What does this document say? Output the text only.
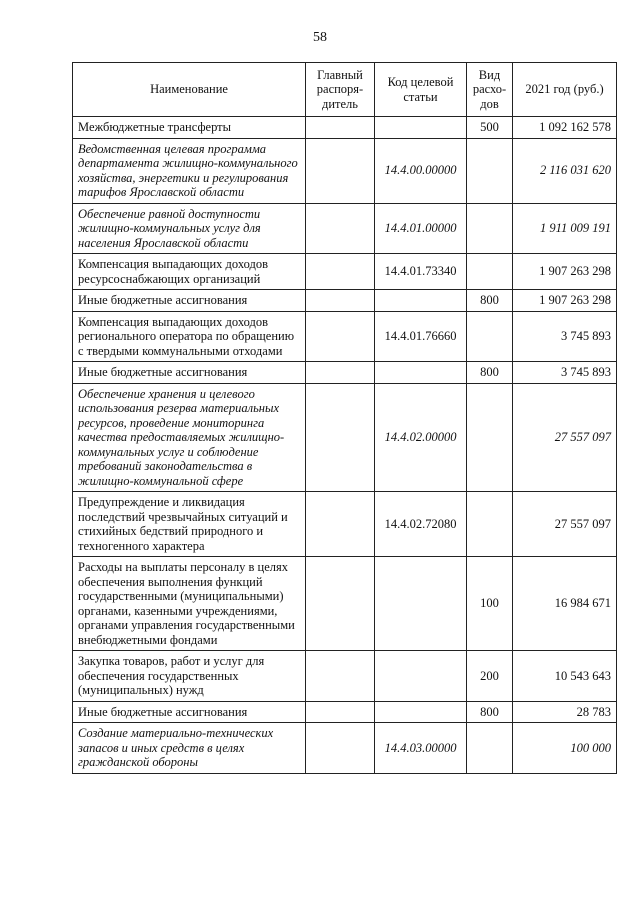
58
Наименование	Главный распоря-дитель	Код целевой статьи	Вид расхо-дов	2021 год (руб.)
Межбюджетные трансферты			500	1 092 162 578
Ведомственная целевая программа департамента жилищно-коммунального хозяйства, энергетики и регулирования тарифов Ярославской области		14.4.00.00000		2 116 031 620
Обеспечение равной доступности жилищно-коммунальных услуг для населения Ярославской области		14.4.01.00000		1 911 009 191
Компенсация выпадающих доходов ресурсоснабжающих организаций		14.4.01.73340		1 907 263 298
Иные бюджетные ассигнования			800	1 907 263 298
Компенсация выпадающих доходов регионального оператора по обращению с твердыми коммунальными отходами		14.4.01.76660		3 745 893
Иные бюджетные ассигнования			800	3 745 893
Обеспечение хранения и целевого использования резерва материальных ресурсов, проведение мониторинга качества предоставляемых жилищно-коммунальных услуг и соблюдение требований законодательства в жилищно-коммунальной сфере		14.4.02.00000		27 557 097
Предупреждение и ликвидация последствий чрезвычайных ситуаций и стихийных бедствий природного и техногенного характера		14.4.02.72080		27 557 097
Расходы на выплаты персоналу в целях обеспечения выполнения функций государственными (муниципальными) органами, казенными учреждениями, органами управления государственными внебюджетными фондами			100	16 984 671
Закупка товаров, работ и услуг для обеспечения государственных (муниципальных) нужд			200	10 543 643
Иные бюджетные ассигнования			800	28 783
Создание материально-технических запасов и иных средств в целях гражданской обороны		14.4.03.00000		100 000
